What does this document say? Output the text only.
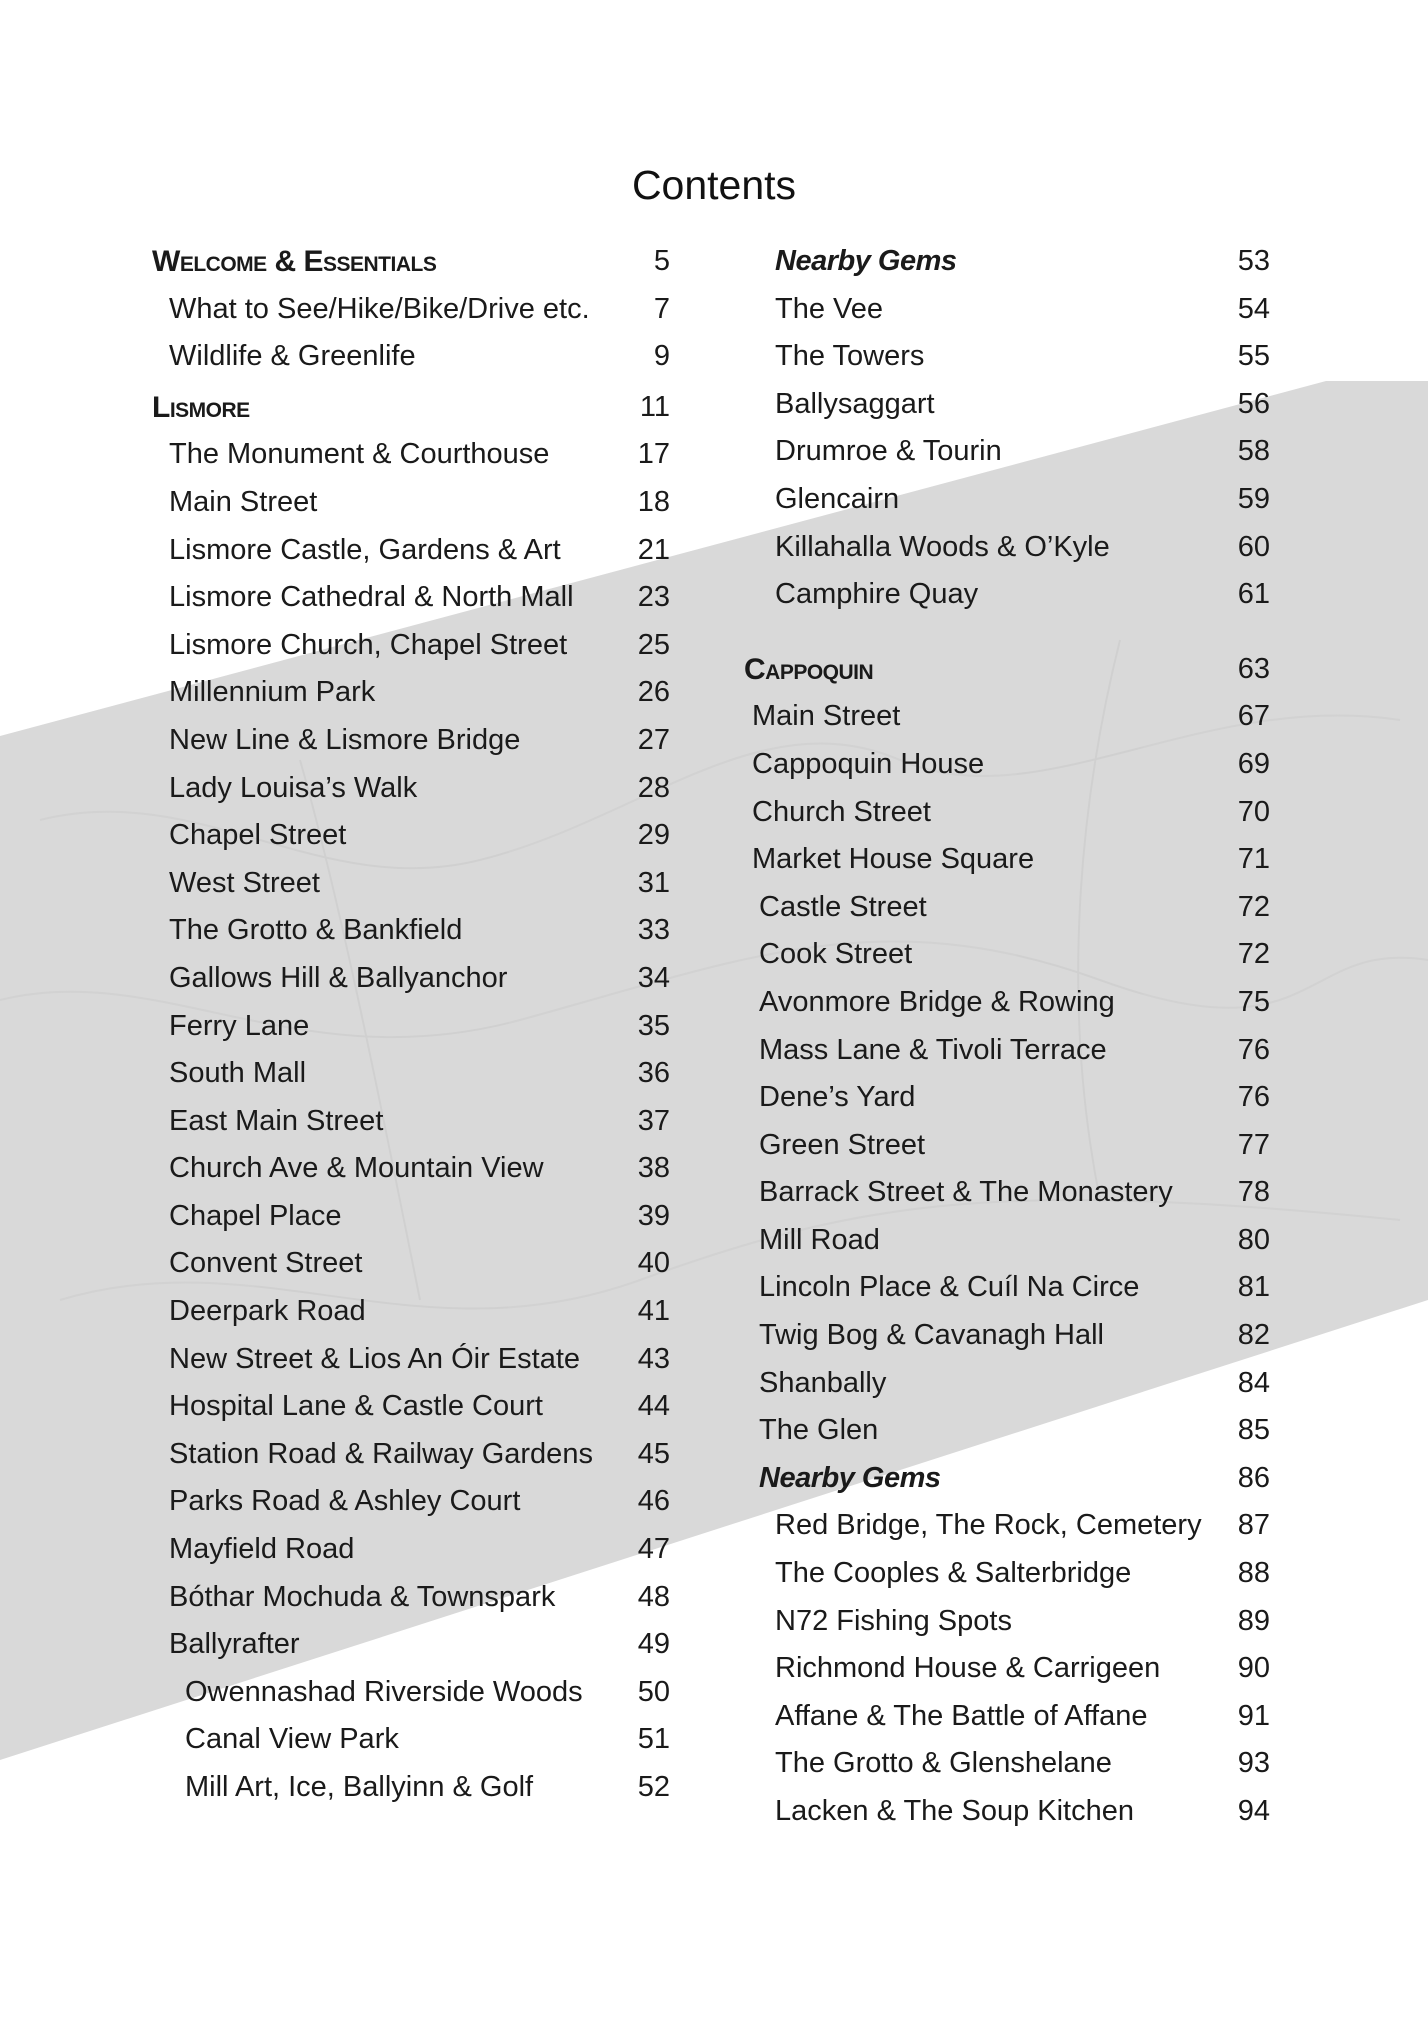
Contents
Welcome & Essentials	5
What to See/Hike/Bike/Drive etc. 7
Wildlife & Greenlife	9
Lismore	11
The Monument & Courthouse	17
Main Street	18
Lismore Castle, Gardens & Art	21
Lismore Cathedral & North Mall 23
Lismore Church, Chapel Street 25
Millennium Park	26
New Line & Lismore Bridge	27
Lady Louisa’s Walk	28
Chapel Street	29
West Street	31
The Grotto & Bankfield	33
Gallows Hill & Ballyanchor	34
Ferry Lane	35
South Mall	36
East Main Street	37
Church Ave & Mountain View	38
Chapel Place	39
Convent Street	40
Deerpark Road	41
New Street & Lios An Óir Estate 43
Hospital Lane & Castle Court	44
Station Road & Railway Gardens 45
Parks Road & Ashley Court	46
Mayfield Road	47
Bóthar Mochuda & Townspark	48
Ballyrafter	49
Owennashad Riverside Woods 50
Canal View Park	51
Mill Art, Ice, Ballyinn & Golf	52
Nearby Gems	53
The Vee	54
The Towers	55
Ballysaggart	56
Drumroe & Tourin	58
Glencairn	59
Killahalla Woods & O’Kyle	60
Camphire Quay	61
Cappoquin	63
Main Street	67
Cappoquin House	69
Church Street	70
Market House Square	71
Castle Street	72
Cook Street	72
Avonmore Bridge & Rowing	75
Mass Lane & Tivoli Terrace	76
Dene’s Yard	76
Green Street	77
Barrack Street & The Monastery 78
Mill Road	80
Lincoln Place & Cuíl Na Circe	81
Twig Bog & Cavanagh Hall	82
Shanbally	84
The Glen	85
Nearby Gems	86
Red Bridge, The Rock, Cemetery 87
The Cooples & Salterbridge	88
N72 Fishing Spots	89
Richmond House & Carrigeen	90
Affane & The Battle of Affane	91
The Grotto & Glenshelane	93
Lacken & The Soup Kitchen	94
